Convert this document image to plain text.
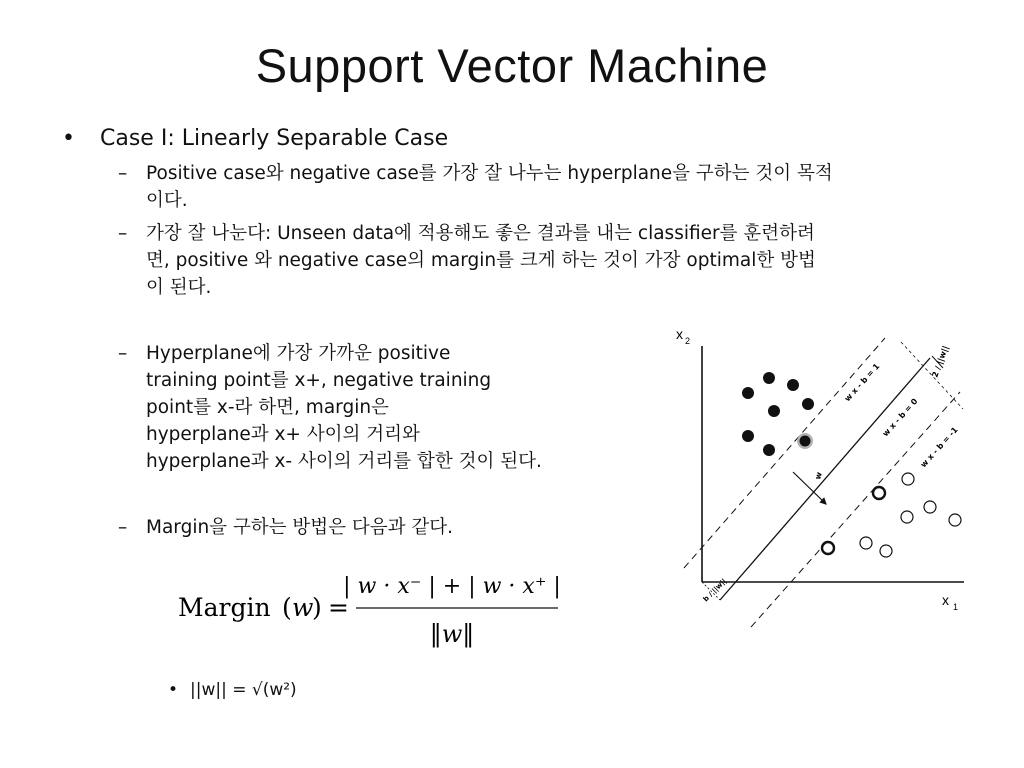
Support Vector Machine
• Case I: Linearly Separable Case
– Positive case와 negative case를 가장 잘 나누는 hyperplane을 구하는 것이 목적
이다.
– 가장 잘 나눈다: Unseen data에 적용해도 좋은 결과를 내는 classifier를 훈련하려
면, positive 와 negative case의 margin를 크게 하는 것이 가장 optimal한 방법
이 된다.
– Hyperplane에 가장 가까운 positive
training point를 x+, negative training
point를 x-라 하면, margin은
hyperplane과 x+ 사이의 거리와
hyperplane과 x- 사이의 거리를 합한 것이 된다.
– Margin을 구하는 방법은 다음과 같다.
Margin ( w
) =
| w · x⁻ | + | w · x⁺ |
‖w‖
• ||w|| = √(w²)
x 2
x 1
w x - b = 1
w x - b = 0
w x - b = -1
2 / ||w||
b / ||w||
w
